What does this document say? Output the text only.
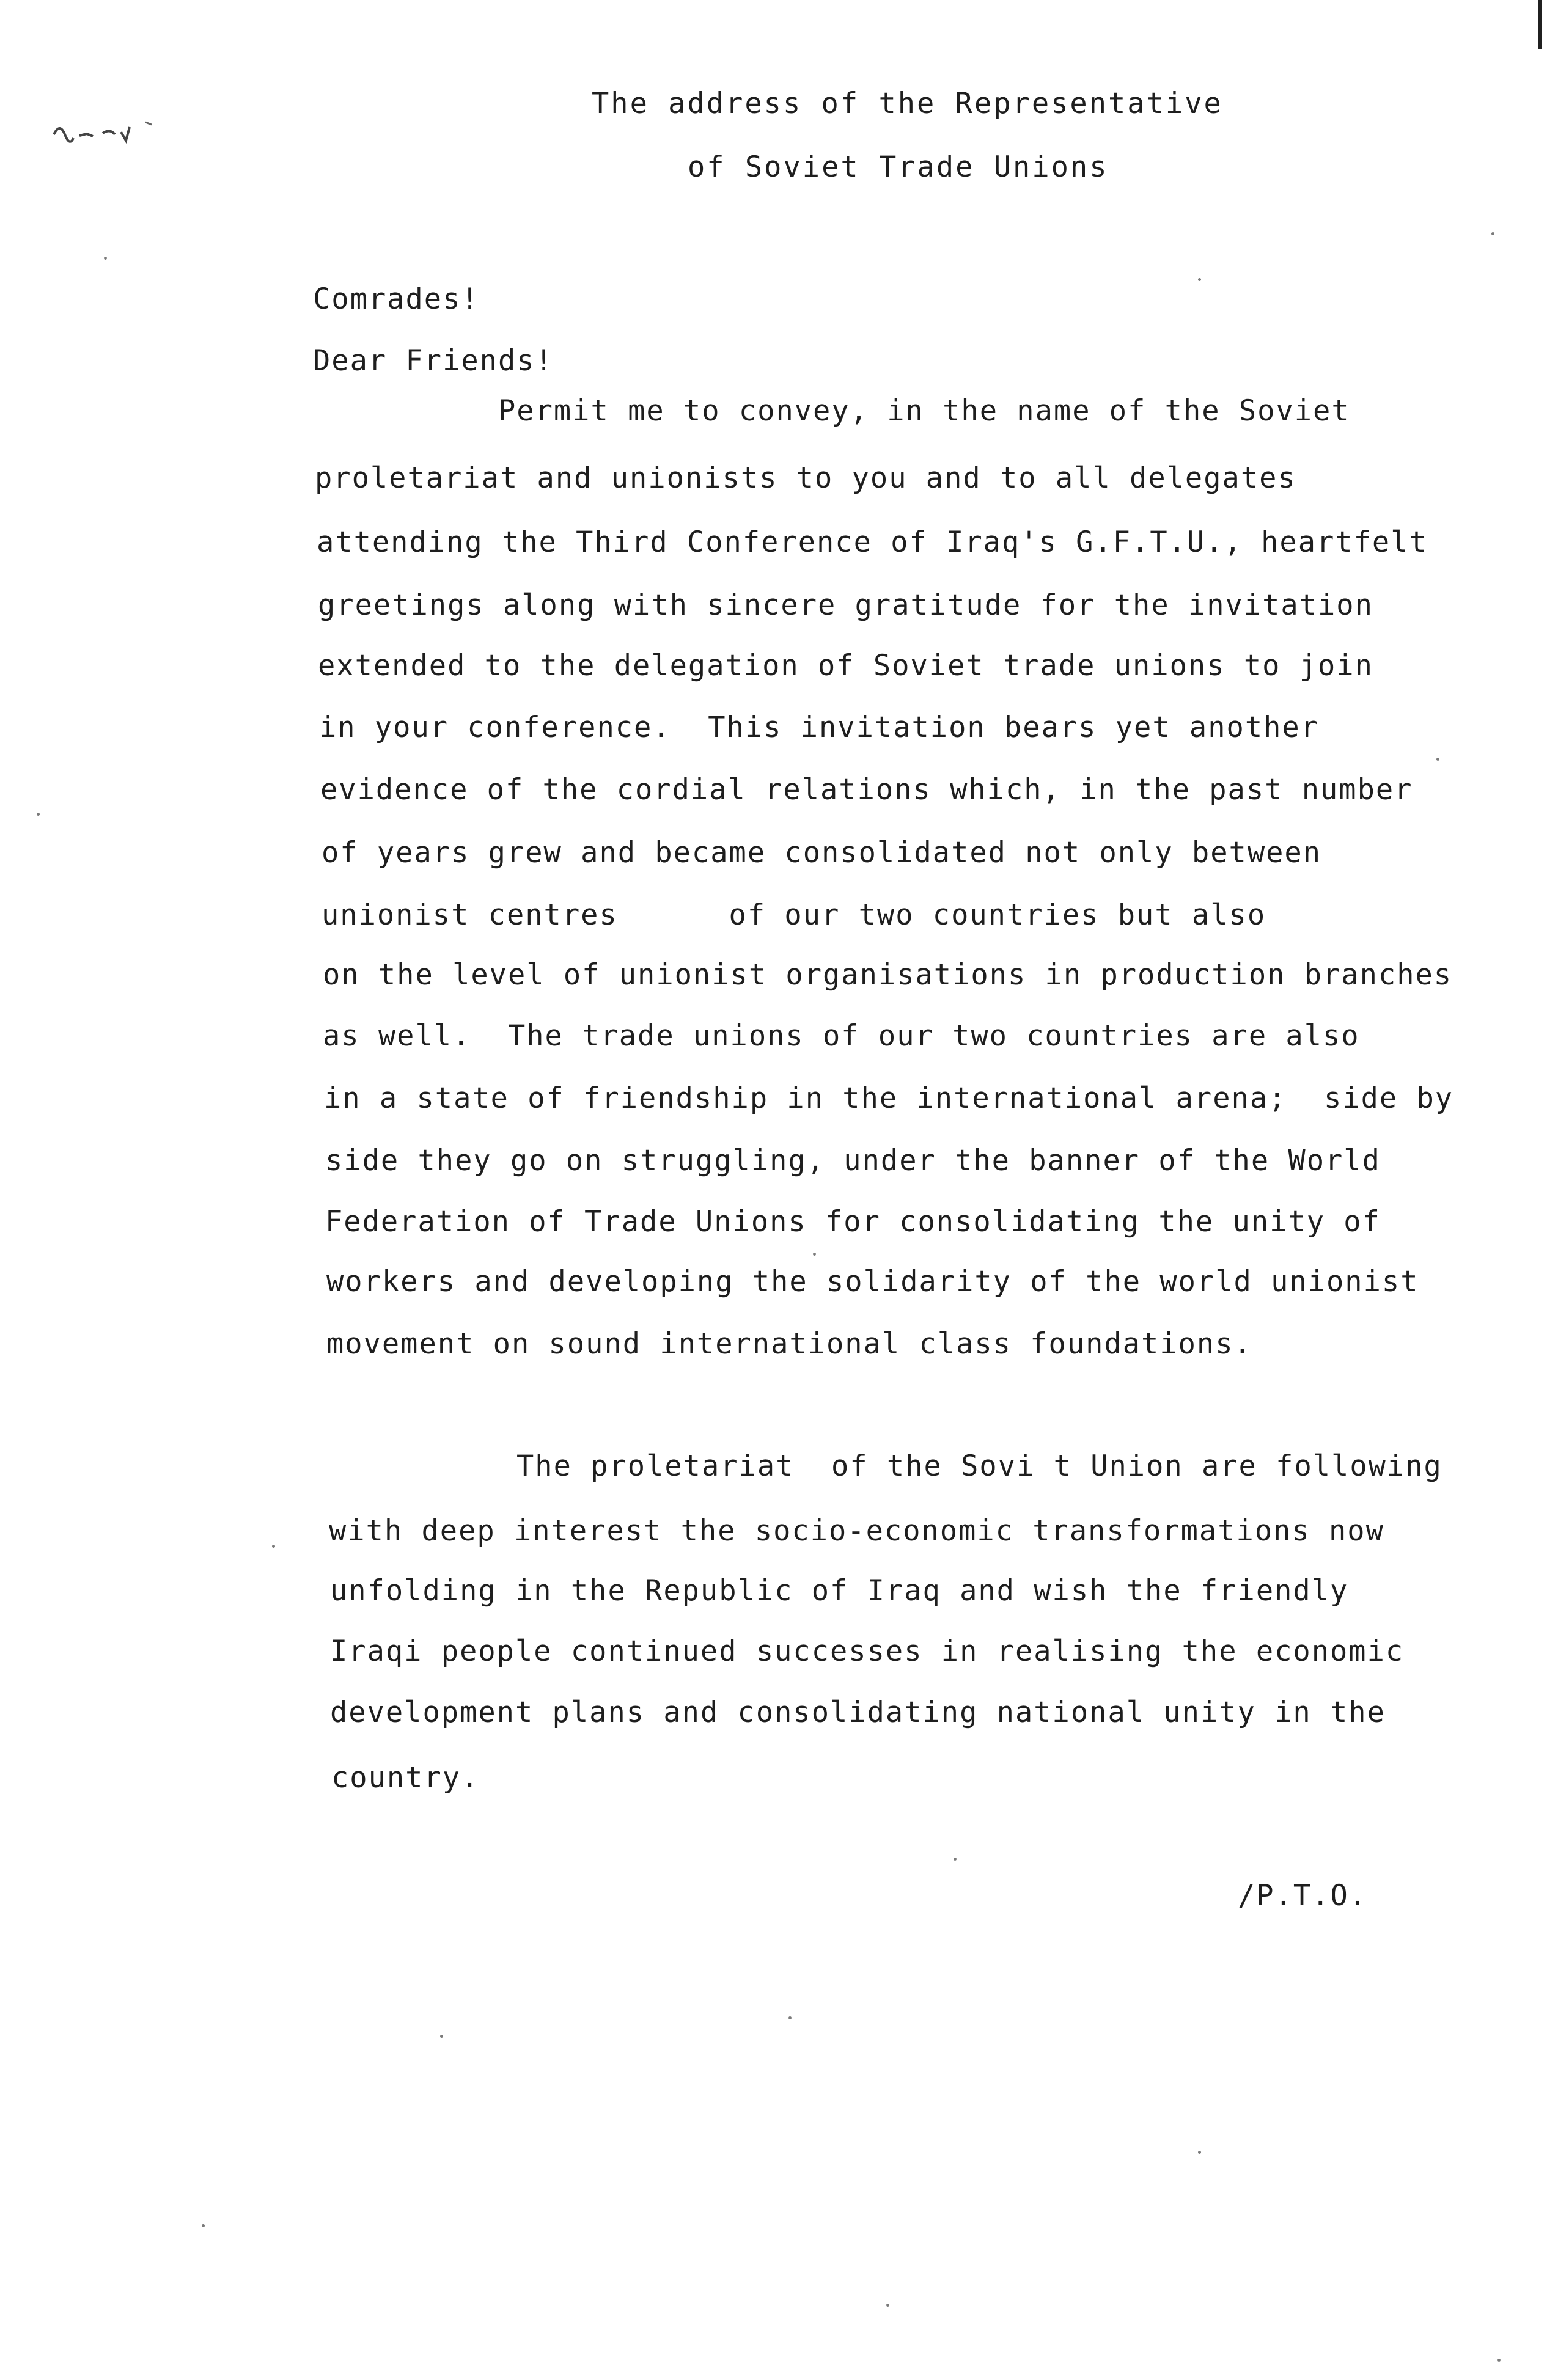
The address of the Representative
of Soviet Trade Unions
Comrades!
Dear Friends!
Permit me to convey, in the name of the Soviet
proletariat and unionists to you and to all delegates
attending the Third Conference of Iraq's G.F.T.U., heartfelt
greetings along with sincere gratitude for the invitation
extended to the delegation of Soviet trade unions to join
in your conference.  This invitation bears yet another
evidence of the cordial relations which, in the past number
of years grew and became consolidated not only between
unionist centres      of our two countries but also
on the level of unionist organisations in production branches
as well.  The trade unions of our two countries are also
in a state of friendship in the international arena;  side by
side they go on struggling, under the banner of the World
Federation of Trade Unions for consolidating the unity of
workers and developing the solidarity of the world unionist
movement on sound international class foundations.
The proletariat  of the Sovi t Union are following
with deep interest the socio-economic transformations now
unfolding in the Republic of Iraq and wish the friendly
Iraqi people continued successes in realising the economic
development plans and consolidating national unity in the
country.
/P.T.O.
